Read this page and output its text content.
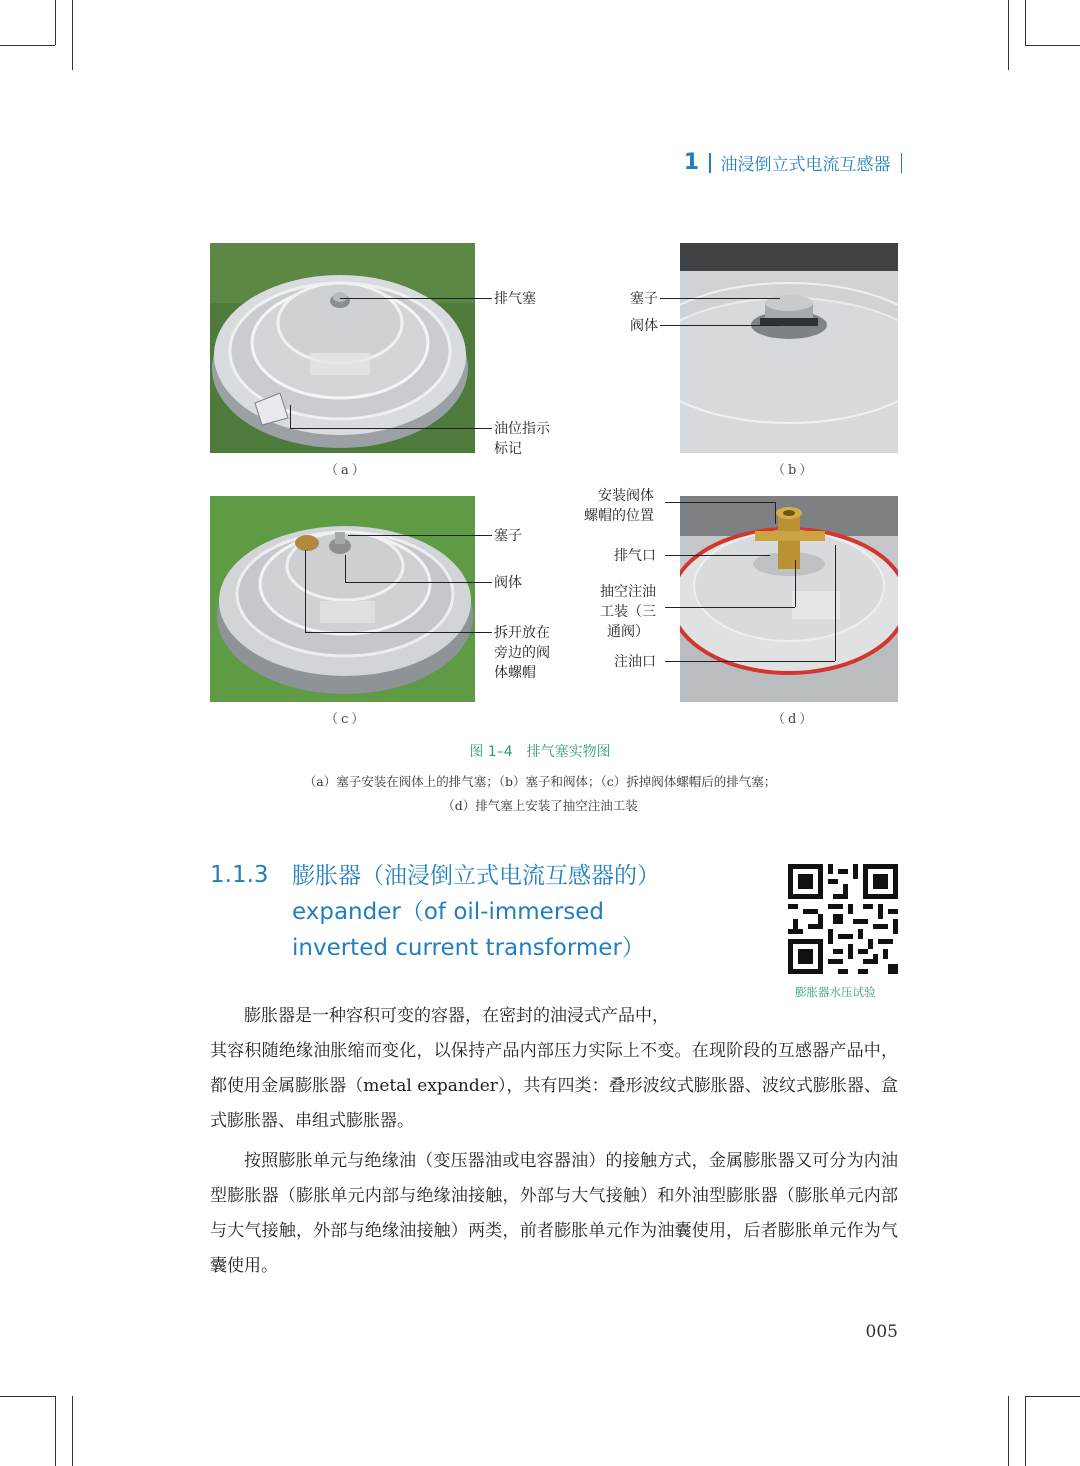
1 油浸倒立式电流互感器
排气塞
油位指示
标记
（a）
塞子
阀体
（b）
塞子
阀体
拆开放在
旁边的阀
体螺帽
（c）
安装阀体
螺帽的位置
排气口
抽空注油
工装（三
通阀）
注油口
（d）
图 1–4　排气塞实物图
（a）塞子安装在阀体上的排气塞；（b）塞子和阀体；（c）拆掉阀体螺帽后的排气塞；
（d）排气塞上安装了抽空注油工装
1.1.3 膨胀器（油浸倒立式电流互感器的）
expander（of oil-immersed
inverted current transformer）
膨胀器水压试验
膨胀器是一种容积可变的容器，在密封的油浸式产品中，
其容积随绝缘油胀缩而变化，以保持产品内部压力实际上不变。在现阶段的互感器产品中，都使用金属膨胀器（metal expander），共有四类：叠形波纹式膨胀器、波纹式膨胀器、盒式膨胀器、串组式膨胀器。
按照膨胀单元与绝缘油（变压器油或电容器油）的接触方式，金属膨胀器又可分为内油型膨胀器（膨胀单元内部与绝缘油接触，外部与大气接触）和外油型膨胀器（膨胀单元内部与大气接触，外部与绝缘油接触）两类，前者膨胀单元作为油囊使用，后者膨胀单元作为气囊使用。
005
